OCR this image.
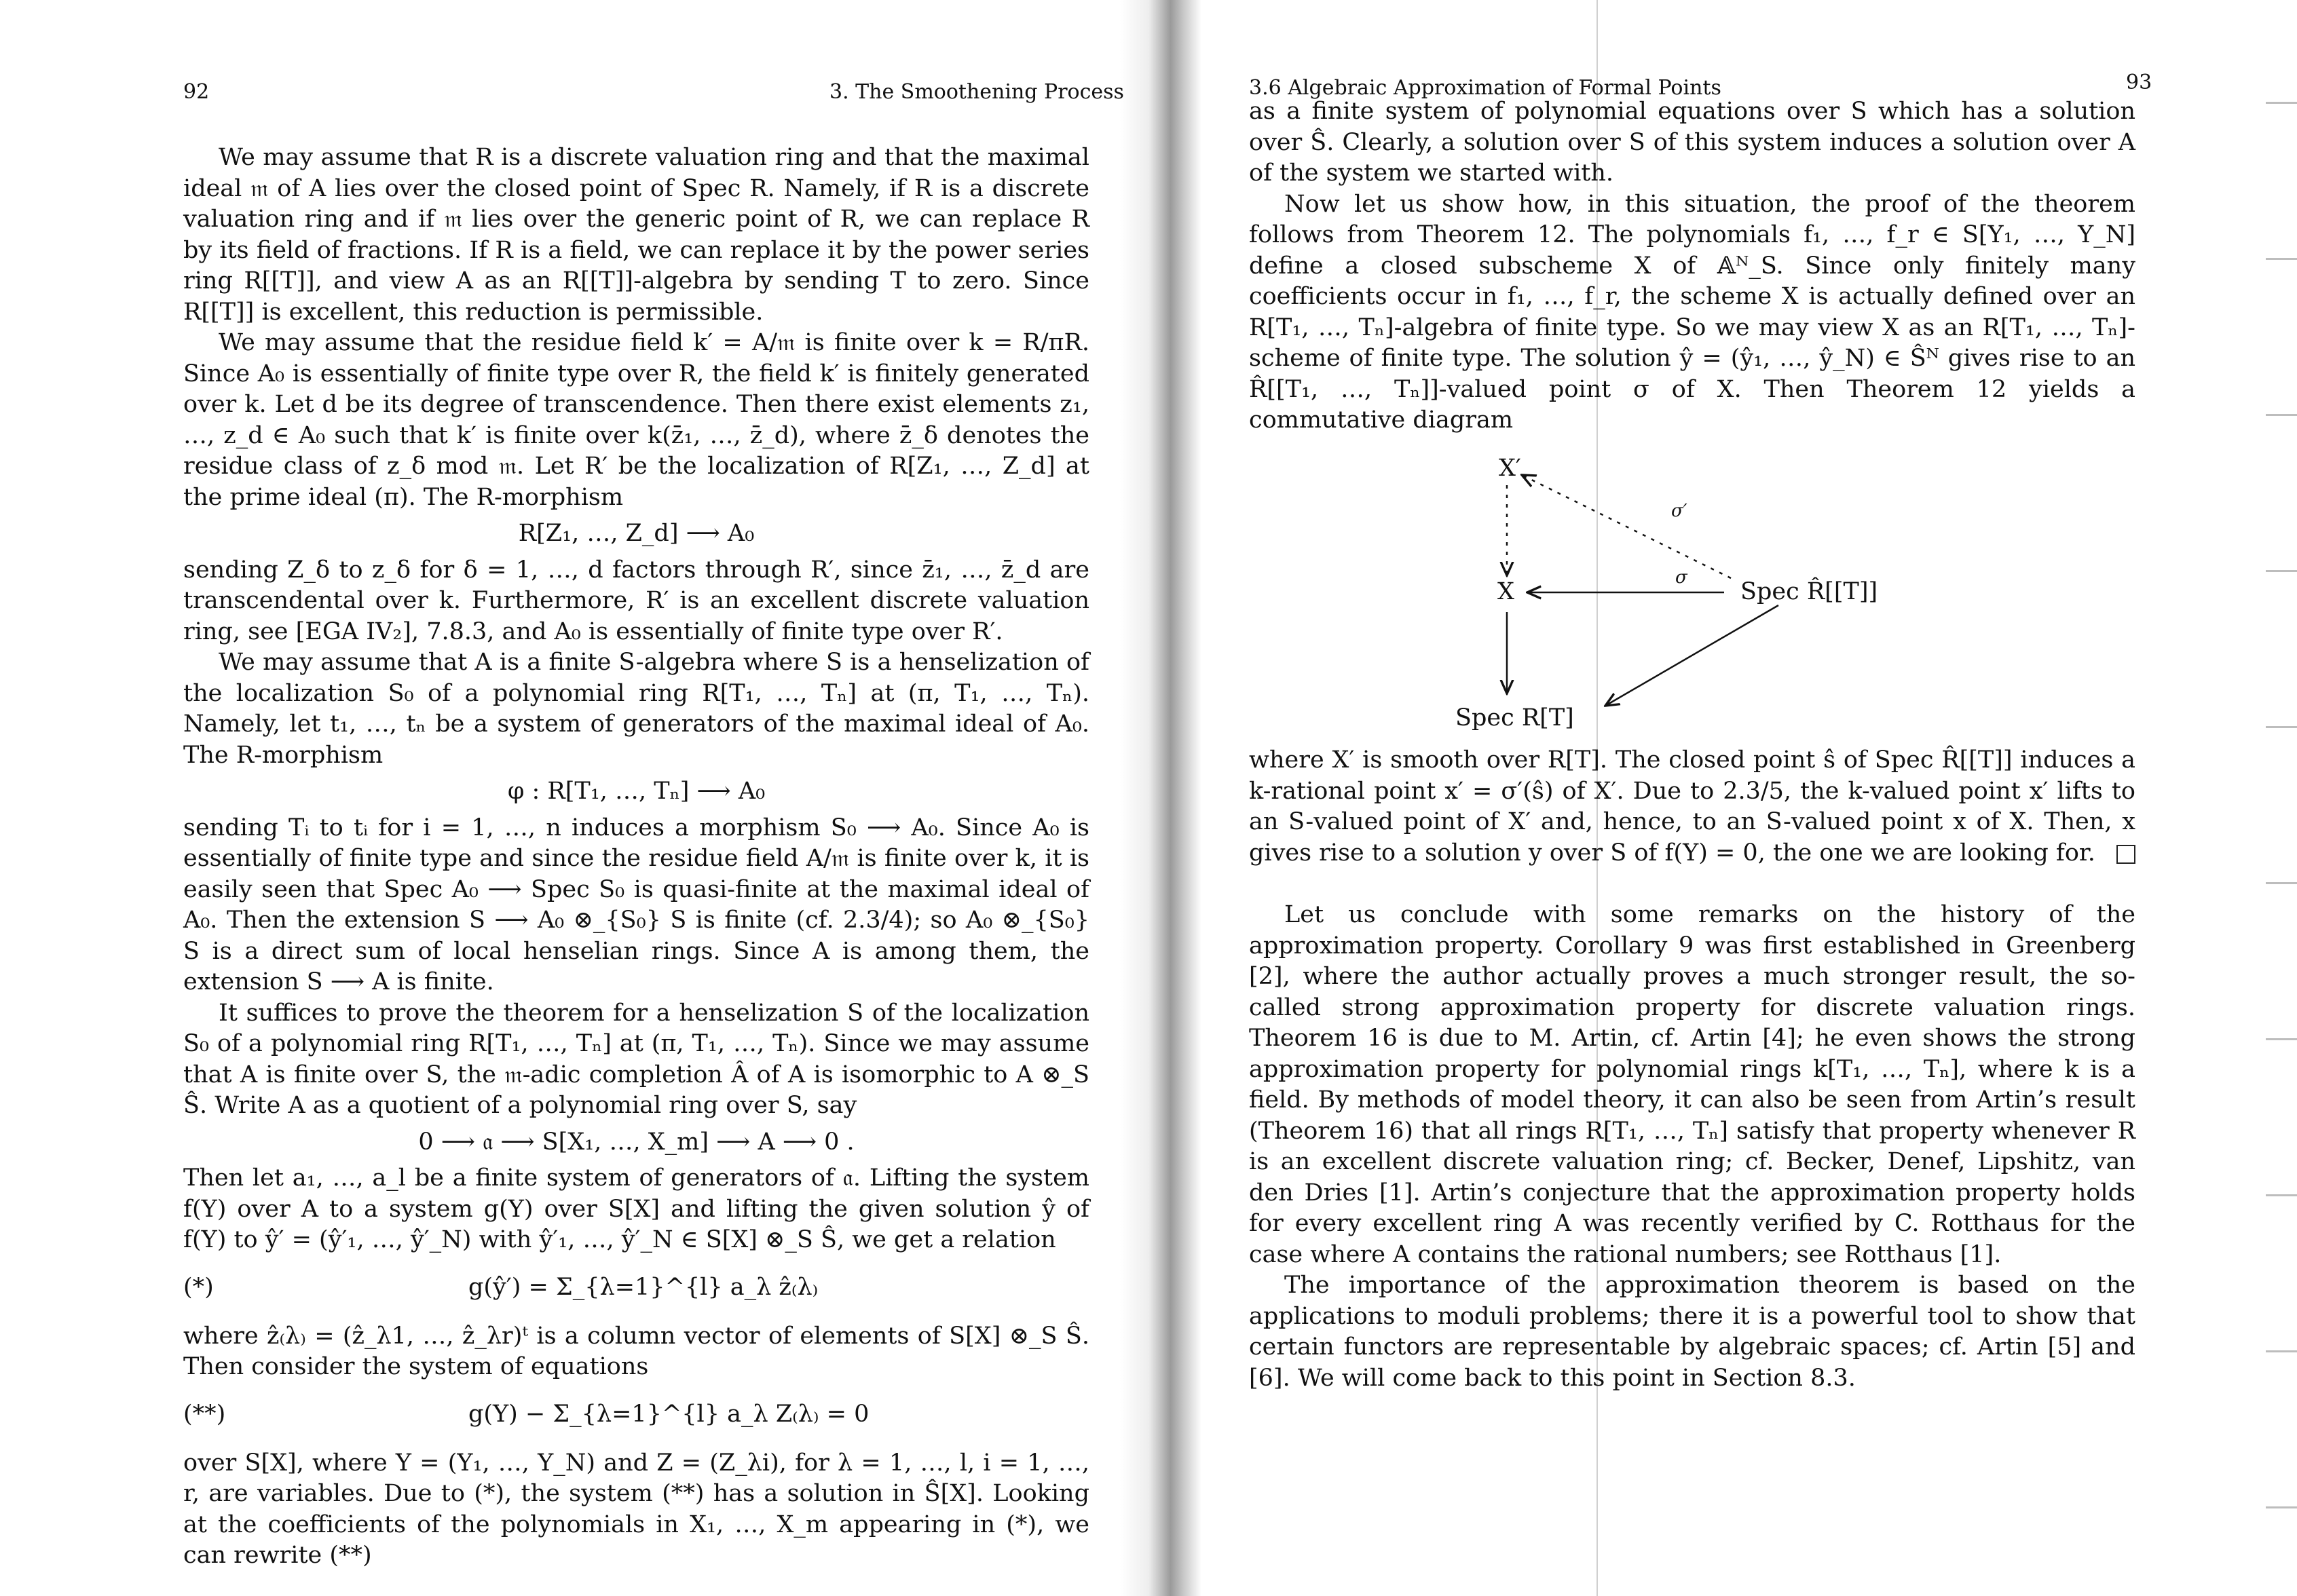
92	3. The Smoothening Process

We may assume that R is a discrete valuation ring and that the maximal ideal 𝔪 of A lies over the closed point of Spec R. Namely, if R is a discrete valuation ring and if 𝔪 lies over the generic point of R, we can replace R by its field of fractions. If R is a field, we can replace it by the power series ring R[[T]], and view A as an R[[T]]-algebra by sending T to zero. Since R[[T]] is excellent, this reduction is permissible.

We may assume that the residue field k′ = A/𝔪 is finite over k = R/πR. Since A₀ is essentially of finite type over R, the field k′ is finitely generated over k. Let d be its degree of transcendence. Then there exist elements z₁, …, z_d ∈ A₀ such that k′ is finite over k(z̄₁, …, z̄_d), where z̄_δ denotes the residue class of z_δ mod 𝔪. Let R′ be the localization of R[Z₁, …, Z_d] at the prime ideal (π). The R-morphism

R[Z₁, …, Z_d] ⟶ A₀

sending Z_δ to z_δ for δ = 1, …, d factors through R′, since z̄₁, …, z̄_d are transcendental over k. Furthermore, R′ is an excellent discrete valuation ring, see [EGA IV₂], 7.8.3, and A₀ is essentially of finite type over R′.

We may assume that A is a finite S-algebra where S is a henselization of the localization S₀ of a polynomial ring R[T₁, …, Tₙ] at (π, T₁, …, Tₙ). Namely, let t₁, …, tₙ be a system of generators of the maximal ideal of A₀. The R-morphism

φ : R[T₁, …, Tₙ] ⟶ A₀

sending Tᵢ to tᵢ for i = 1, …, n induces a morphism S₀ ⟶ A₀. Since A₀ is essentially of finite type and since the residue field A/𝔪 is finite over k, it is easily seen that Spec A₀ ⟶ Spec S₀ is quasi-finite at the maximal ideal of A₀. Then the extension S ⟶ A₀ ⊗_{S₀} S is finite (cf. 2.3/4); so A₀ ⊗_{S₀} S is a direct sum of local henselian rings. Since A is among them, the extension S ⟶ A is finite.

It suffices to prove the theorem for a henselization S of the localization S₀ of a polynomial ring R[T₁, …, Tₙ] at (π, T₁, …, Tₙ). Since we may assume that A is finite over S, the 𝔪-adic completion Â of A is isomorphic to A ⊗_S Ŝ. Write A as a quotient of a polynomial ring over S, say

0 ⟶ 𝔞 ⟶ S[X₁, …, X_m] ⟶ A ⟶ 0 .

Then let a₁, …, a_l be a finite system of generators of 𝔞. Lifting the system f(Y) over A to a system g(Y) over S[X] and lifting the given solution ŷ of f(Y) to ŷ′ = (ŷ′₁, …, ŷ′_N) with ŷ′₁, …, ŷ′_N ∈ S[X] ⊗_S Ŝ, we get a relation

(*)	g(ŷ′) = Σ_{λ=1}^{l} a_λ ẑ₍λ₎

where ẑ₍λ₎ = (ẑ_λ1, …, ẑ_λr)ᵗ is a column vector of elements of S[X] ⊗_S Ŝ. Then consider the system of equations

(**)	g(Y) − Σ_{λ=1}^{l} a_λ Z₍λ₎ = 0

over S[X], where Y = (Y₁, …, Y_N) and Z = (Z_λi), for λ = 1, …, l, i = 1, …, r, are variables. Due to (*), the system (**) has a solution in Ŝ[X]. Looking at the coefficients of the polynomials in X₁, …, X_m appearing in (*), we can rewrite (**)

3.6 Algebraic Approximation of Formal Points	93

as a finite system of polynomial equations over S which has a solution over Ŝ. Clearly, a solution over S of this system induces a solution over A of the system we started with.

Now let us show how, in this situation, the proof of the theorem follows from Theorem 12. The polynomials f₁, …, f_r ∈ S[Y₁, …, Y_N] define a closed subscheme X of 𝔸ᴺ_S. Since only finitely many coefficients occur in f₁, …, f_r, the scheme X is actually defined over an R[T₁, …, Tₙ]-algebra of finite type. So we may view X as an R[T₁, …, Tₙ]-scheme of finite type. The solution ŷ = (ŷ₁, …, ŷ_N) ∈ Ŝᴺ gives rise to an R̂[[T₁, …, Tₙ]]-valued point σ of X. Then Theorem 12 yields a commutative diagram

where X′ is smooth over R[T]. The closed point ŝ of Spec R̂[[T]] induces a k-rational point x′ = σ′(ŝ) of X′. Due to 2.3/5, the k-valued point x′ lifts to an S-valued point of X′ and, hence, to an S-valued point x of X. Then, x gives rise to a solution y over S of f(Y) = 0, the one we are looking for.

Let us conclude with some remarks on the history of the approximation property. Corollary 9 was first established in Greenberg [2], where the author actually proves a much stronger result, the so-called strong approximation property for discrete valuation rings. Theorem 16 is due to M. Artin, cf. Artin [4]; he even shows the strong approximation property for polynomial rings k[T₁, …, Tₙ], where k is a field. By methods of model theory, it can also be seen from Artin’s result (Theorem 16) that all rings R[T₁, …, Tₙ] satisfy that property whenever R is an excellent discrete valuation ring; cf. Becker, Denef, Lipshitz, van den Dries [1]. Artin’s conjecture that the approximation property holds for every excellent ring A was recently verified by C. Rotthaus for the case where A contains the rational numbers; see Rotthaus [1].

The importance of the approximation theorem is based on the applications to moduli problems; there it is a powerful tool to show that certain functors are representable by algebraic spaces; cf. Artin [5] and [6]. We will come back to this point in Section 8.3.

X′
X	Spec R̂[[T]]
Spec R[T]
σ′
σ
